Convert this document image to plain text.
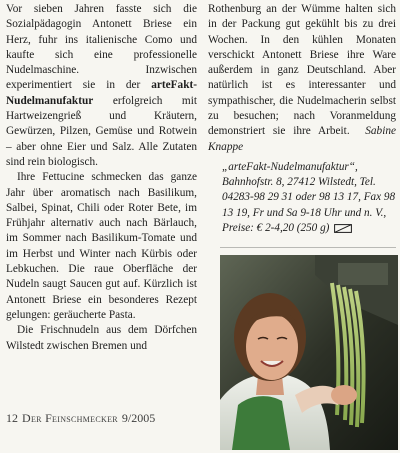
Vor sieben Jahren fasste sich die Sozialpädagogin Antonett Briese ein Herz, fuhr ins italienische Como und kaufte sich eine professionelle Nudelmaschine. Inzwischen experimentiert sie in der arteFakt-Nudelmanufaktur erfolgreich mit Hartweizengrieß und Kräutern, Gewürzen, Pilzen, Gemüse und Rotwein – aber ohne Eier und Salz. Alle Zutaten sind rein biologisch.

Ihre Fettucine schmecken das ganze Jahr über aromatisch nach Basilikum, Salbei, Spinat, Chili oder Roter Bete, im Frühjahr alternativ auch nach Bärlauch, im Sommer nach Basilikum-Tomate und im Herbst und Winter nach Kürbis oder Lebkuchen. Die raue Oberfläche der Nudeln saugt Saucen gut auf. Kürzlich ist Antonett Briese ein besonderes Rezept gelungen: geräucherte Pasta.

Die Frischnudeln aus dem Dörfchen Wilstedt zwischen Bremen und

Rothenburg an der Wümme halten sich in der Packung gut gekühlt bis zu drei Wochen. In den kühlen Monaten verschickt Antonett Briese ihre Ware außerdem in ganz Deutschland. Aber natürlich ist es interessanter und sympathischer, die Nudelmacherin selbst zu besuchen; nach Voranmeldung demonstriert sie ihre Arbeit. Sabine Knappe

„arteFakt-Nudelmanufaktur“, Bahnhofstr. 8, 27412 Wilstedt, Tel. 04283-98 29 31 oder 98 13 17, Fax 98 13 19, Fr und Sa 9-18 Uhr und n. V., Preise: € 2-4,20 (250 g)
12 Der Feinschmecker 9/2005
